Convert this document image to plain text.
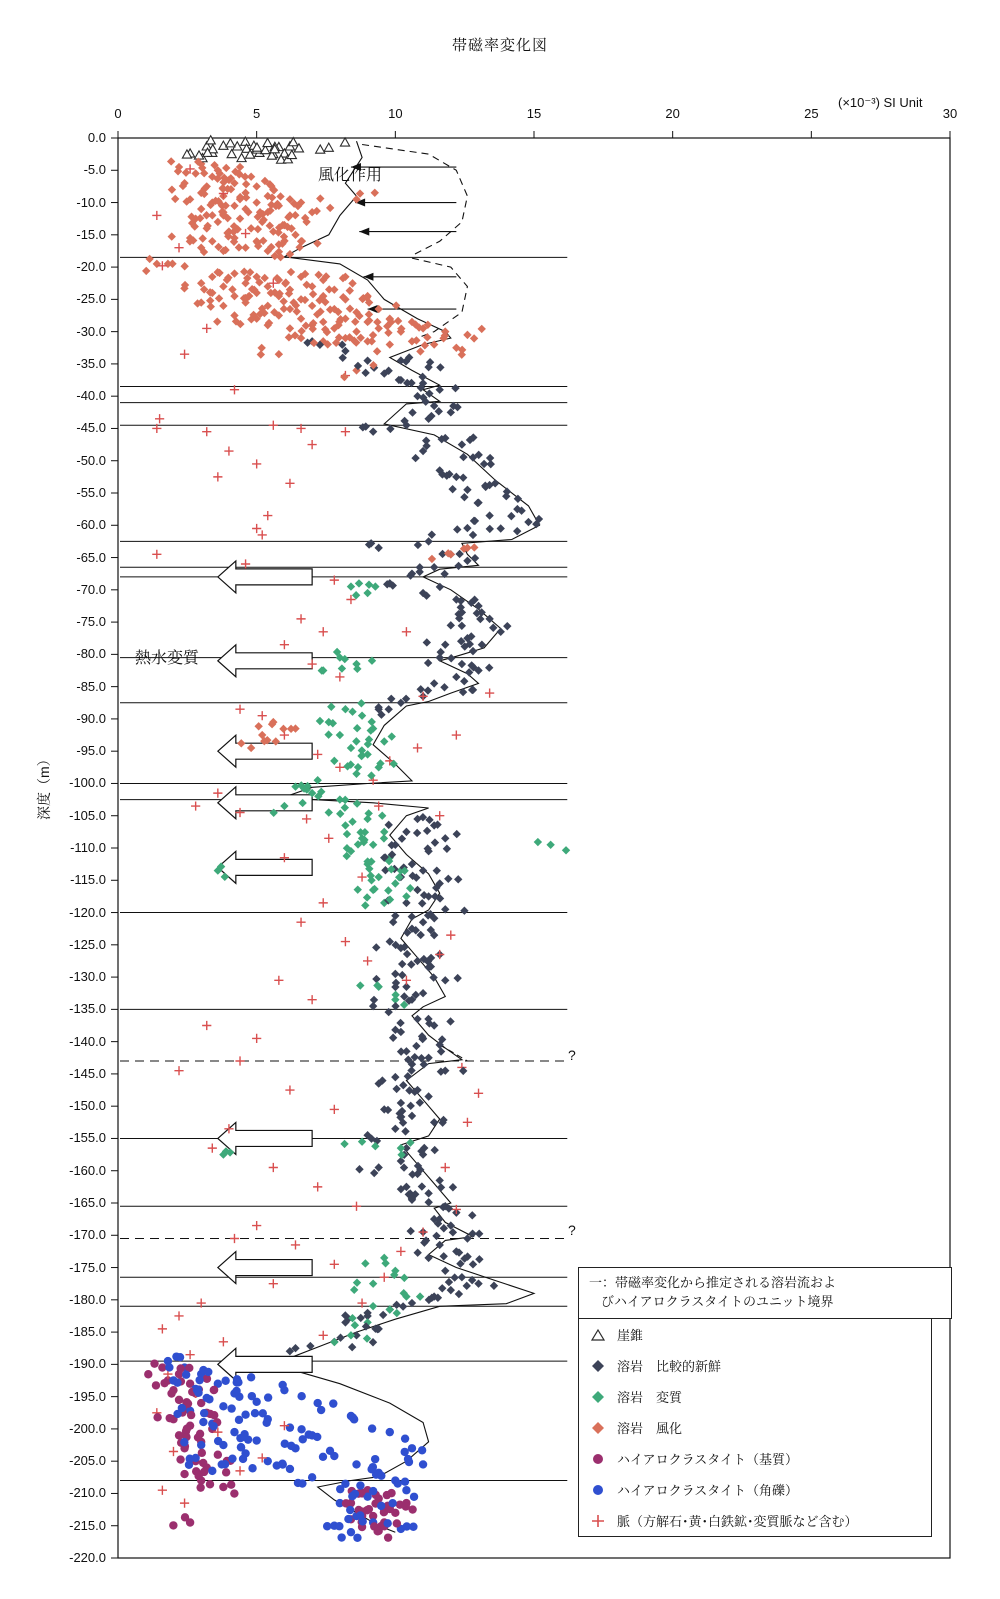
帯磁率変化図
(×10⁻³) SI Unit
深度（m）
風化作用
熱水変質
?
?
一：帯磁率変化から推定される溶岩流およ
びハイアロクラスタイトのユニット境界
崖錐
溶岩　比較的新鮮
溶岩　変質
溶岩　風化
ハイアロクラスタイト（基質）
ハイアロクラスタイト（角礫）
脈（方解石･黄･白鉄鉱･変質脈など含む）
0	5	10	15	20	25	30
0.0
-5.0
-10.0
-15.0
-20.0
-25.0
-30.0
-35.0
-40.0
-45.0
-50.0
-55.0
-60.0
-65.0
-70.0
-75.0
-80.0
-85.0
-90.0
-95.0
-100.0
-105.0
-110.0
-115.0
-120.0
-125.0
-130.0
-135.0
-140.0
-145.0
-150.0
-155.0
-160.0
-165.0
-170.0
-175.0
-180.0
-185.0
-190.0
-195.0
-200.0
-205.0
-210.0
-215.0
-220.0
